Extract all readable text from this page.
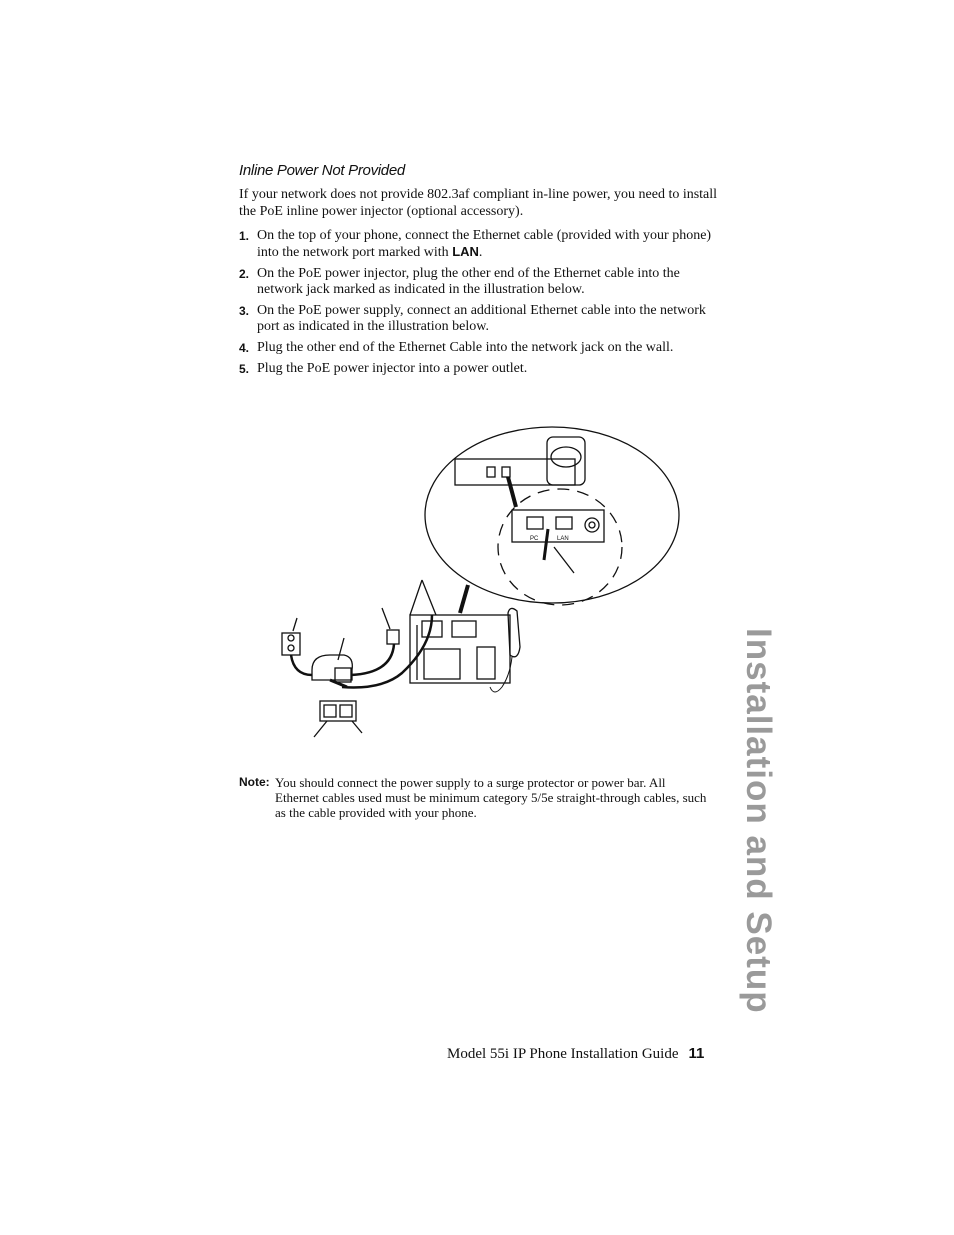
Inline Power Not Provided
If your network does not provide 802.3af compliant in-line power, you need to install the PoE inline power injector (optional accessory).
1. On the top of your phone, connect the Ethernet cable (provided with your phone) into the network port marked with LAN.
2. On the PoE power injector, plug the other end of the Ethernet cable into the network jack marked as indicated in the illustration below.
3. On the PoE power supply, connect an additional Ethernet cable into the network port as indicated in the illustration below.
4. Plug the other end of the Ethernet Cable into the network jack on the wall.
5. Plug the PoE power injector into a power outlet.
PC	LAN
Note: You should connect the power supply to a surge protector or power bar. All Ethernet cables used must be minimum category 5/5e straight-through cables, such as the cable provided with your phone.
Model 55i IP Phone Installation Guide 11
Installation and Setup
